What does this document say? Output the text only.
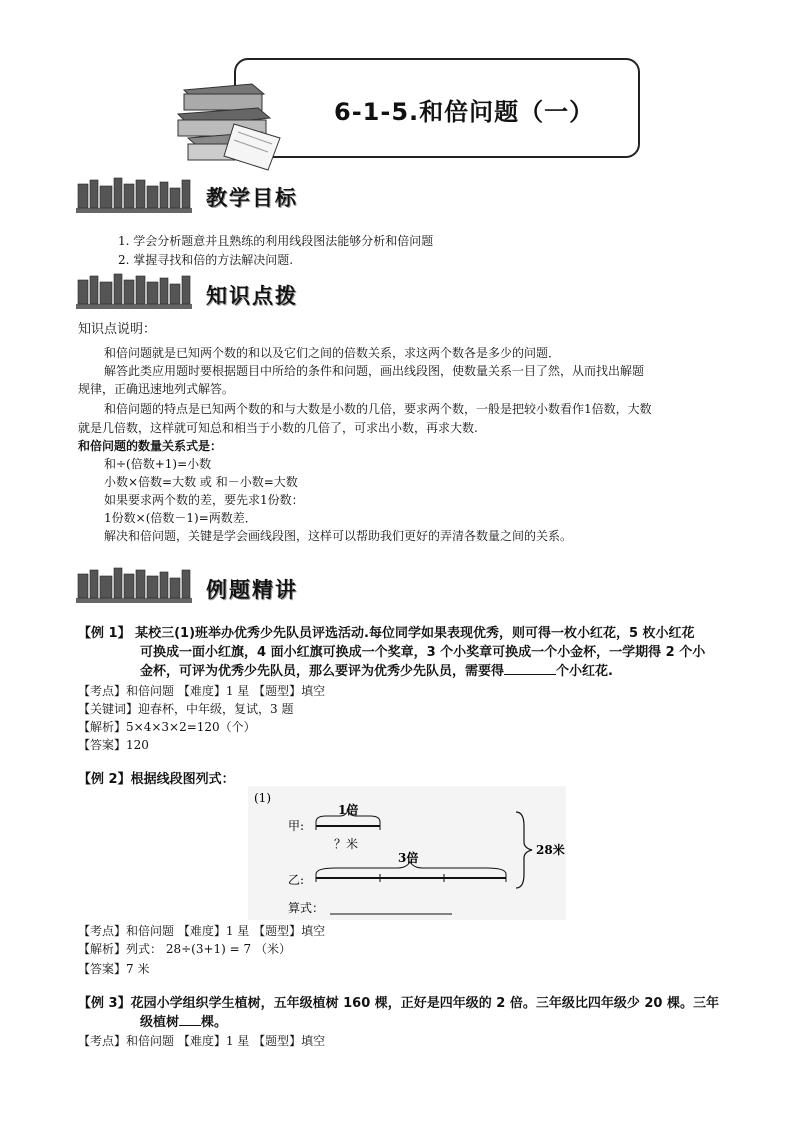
6-1-5.和倍问题（一）
教学目标
1. 学会分析题意并且熟练的利用线段图法能够分析和倍问题
2. 掌握寻找和倍的方法解决问题.
知识点拨
知识点说明：
和倍问题就是已知两个数的和以及它们之间的倍数关系，求这两个数各是多少的问题．
解答此类应用题时要根据题目中所给的条件和问题，画出线段图，使数量关系一目了然，从而找出解题
规律，正确迅速地列式解答。
和倍问题的特点是已知两个数的和与大数是小数的几倍，要求两个数，一般是把较小数看作1倍数，大数
就是几倍数，这样就可知总和相当于小数的几倍了，可求出小数，再求大数.
和倍问题的数量关系式是：
和÷(倍数+1)=小数
小数×倍数=大数 或 和－小数=大数
如果要求两个数的差，要先求1份数：
1份数×(倍数－1)=两数差．
解决和倍问题，关键是学会画线段图，这样可以帮助我们更好的弄清各数量之间的关系。
例题精讲
【例 1】 某校三(1)班举办优秀少先队员评选活动.每位同学如果表现优秀，则可得一枚小红花，5 枚小红花
可换成一面小红旗，4 面小红旗可换成一个奖章，3 个小奖章可换成一个小金杯，一学期得 2 个小
金杯，可评为优秀少先队员，那么要评为优秀少先队员，需要得	个小红花.
【考点】和倍问题 【难度】1 星 【题型】填空
【关键词】迎春杯，中年级，复试，3 题
【解析】5×4×3×2=120（个）
【答案】120
【例 2】根据线段图列式：
(1)
甲:
1倍
？米
3倍
乙:
28米
算式：
【考点】和倍问题 【难度】1 星 【题型】填空
【解析】列式： 28÷(3+1) = 7 （米）
【答案】7 米
【例 3】花园小学组织学生植树，五年级植树 160 棵，正好是四年级的 2 倍。三年级比四年级少 20 棵。三年
级植树 棵。
【考点】和倍问题 【难度】1 星 【题型】填空
